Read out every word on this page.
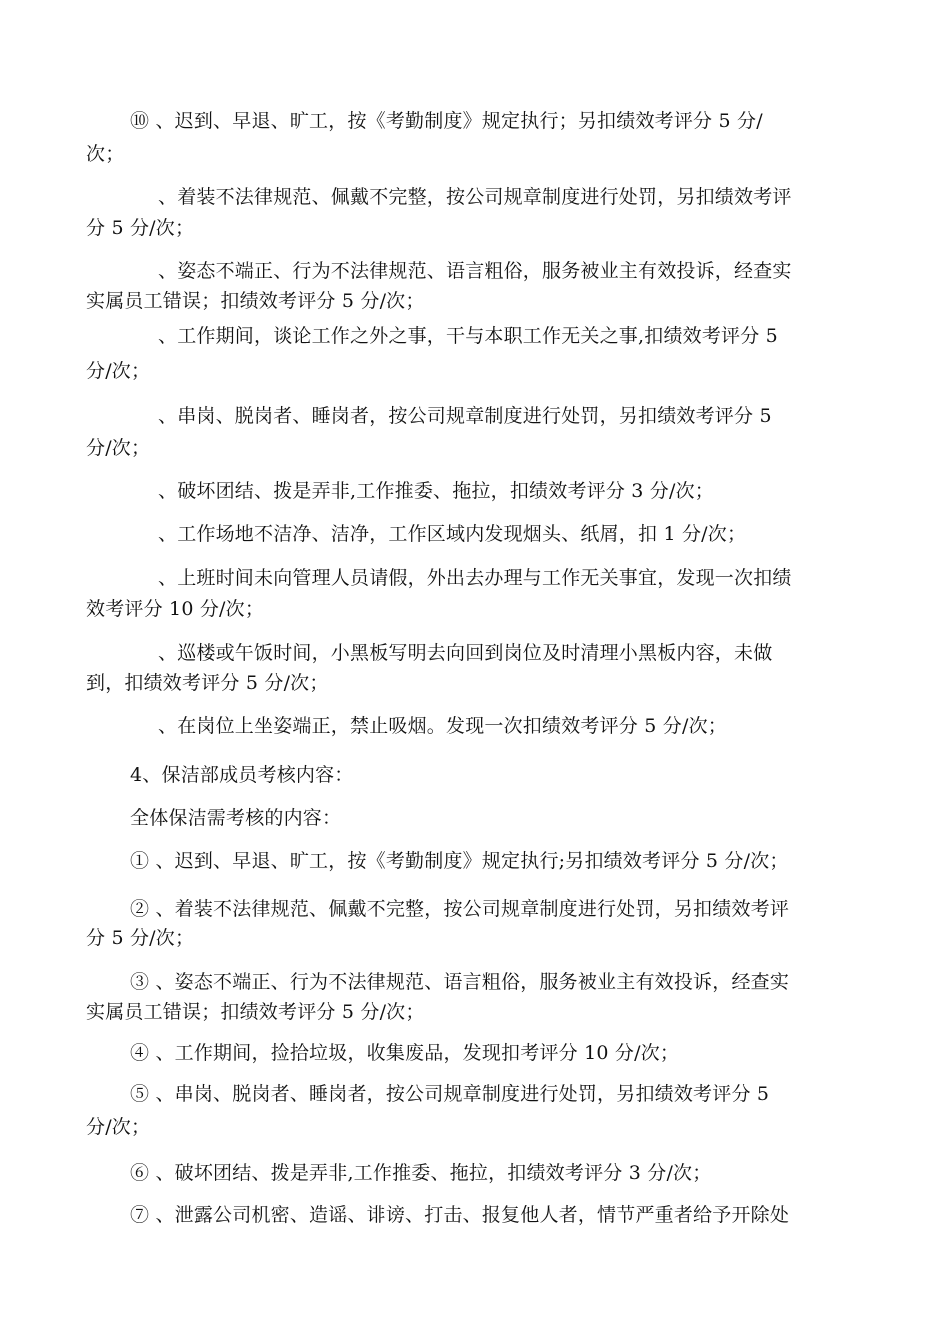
⑩ 、迟到、早退、旷工，按《考勤制度》规定执行；另扣绩效考评分 5 分/
次；
、着装不法律规范、佩戴不完整，按公司规章制度进行处罚，另扣绩效考评
分 5 分/次；
、姿态不端正、行为不法律规范、语言粗俗，服务被业主有效投诉，经查实
实属员工错误；扣绩效考评分 5 分/次；
、工作期间，谈论工作之外之事，干与本职工作无关之事,扣绩效考评分 5
分/次；
、串岗、脱岗者、睡岗者，按公司规章制度进行处罚，另扣绩效考评分 5
分/次；
、破坏团结、拨是弄非,工作推委、拖拉，扣绩效考评分 3 分/次；
、工作场地不洁净、洁净，工作区域内发现烟头、纸屑，扣 1 分/次；
、上班时间未向管理人员请假，外出去办理与工作无关事宜，发现一次扣绩
效考评分 10 分/次；
、巡楼或午饭时间，小黑板写明去向回到岗位及时清理小黑板内容，未做
到，扣绩效考评分 5 分/次；
、在岗位上坐姿端正，禁止吸烟。发现一次扣绩效考评分 5 分/次；
4、保洁部成员考核内容：
全体保洁需考核的内容：
① 、迟到、早退、旷工，按《考勤制度》规定执行;另扣绩效考评分 5 分/次；
② 、着装不法律规范、佩戴不完整，按公司规章制度进行处罚，另扣绩效考评
分 5 分/次；
③ 、姿态不端正、行为不法律规范、语言粗俗，服务被业主有效投诉，经查实
实属员工错误；扣绩效考评分 5 分/次；
④ 、工作期间，捡拾垃圾，收集废品，发现扣考评分 10 分/次；
⑤ 、串岗、脱岗者、睡岗者，按公司规章制度进行处罚，另扣绩效考评分 5
分/次；
⑥ 、破坏团结、拨是弄非,工作推委、拖拉，扣绩效考评分 3 分/次；
⑦ 、泄露公司机密、造谣、诽谤、打击、报复他人者，情节严重者给予开除处
